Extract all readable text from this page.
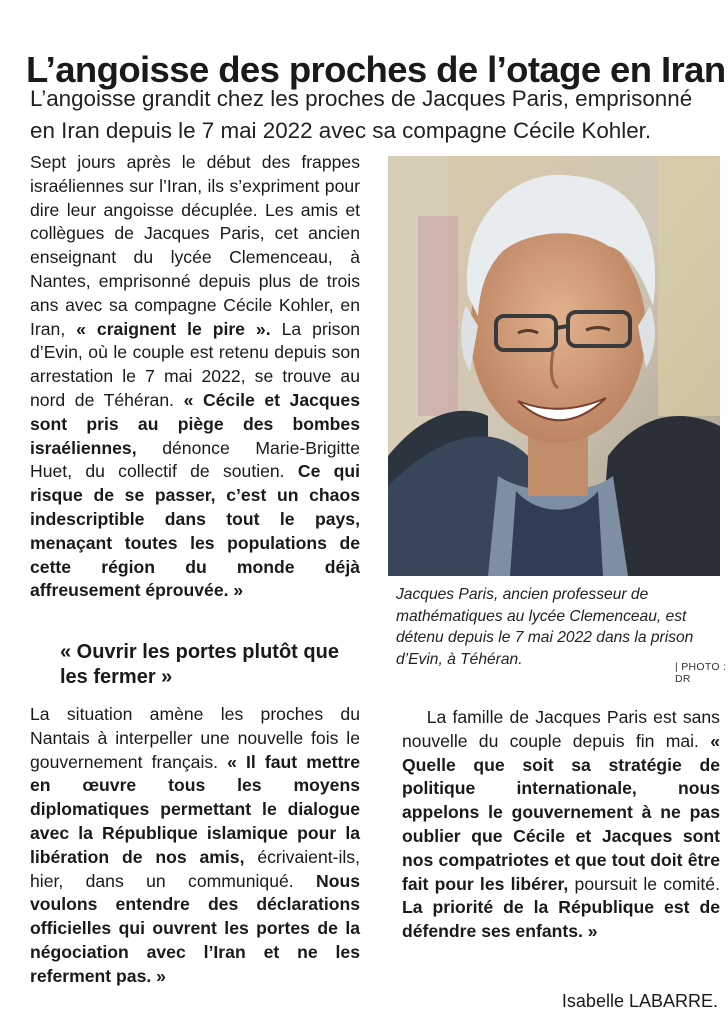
L’angoisse des proches de l’otage en Iran
L’angoisse grandit chez les proches de Jacques Paris, emprisonné
en Iran depuis le 7 mai 2022 avec sa compagne Cécile Kohler.

Sept jours après le début des frappes israéliennes sur l’Iran, ils s’expriment pour dire leur angoisse décuplée. Les amis et collègues de Jacques Paris, cet ancien enseignant du lycée Clemenceau, à Nantes, emprisonné depuis plus de trois ans avec sa compagne Cécile Kohler, en Iran, « craignent le pire ». La prison d’Evin, où le couple est retenu depuis son arrestation le 7 mai 2022, se trouve au nord de Téhéran. « Cécile et Jacques sont pris au piège des bombes israéliennes, dénonce Marie-Brigitte Huet, du collectif de soutien. Ce qui risque de se passer, c’est un chaos indescriptible dans tout le pays, menaçant toutes les populations de cette région du monde déjà affreusement éprouvée. »

« Ouvrir les portes plutôt que les fermer »

La situation amène les proches du Nantais à interpeller une nouvelle fois le gouvernement français. « Il faut mettre en œuvre tous les moyens diplomatiques permettant le dialogue avec la République islamique pour la libération de nos amis, écrivaient-ils, hier, dans un communiqué. Nous voulons entendre des déclarations officielles qui ouvrent les portes de la négociation avec l’Iran et ne les referment pas. »

Jacques Paris, ancien professeur de mathématiques au lycée Clemenceau, est détenu depuis le 7 mai 2022 dans la prison d’Evin, à Téhéran.	| PHOTO : DR

La famille de Jacques Paris est sans nouvelle du couple depuis fin mai. « Quelle que soit sa stratégie de politique internationale, nous appelons le gouvernement à ne pas oublier que Cécile et Jacques sont nos compatriotes et que tout doit être fait pour les libérer, poursuit le comité. La priorité de la République est de défendre ses enfants. »

Isabelle LABARRE.
